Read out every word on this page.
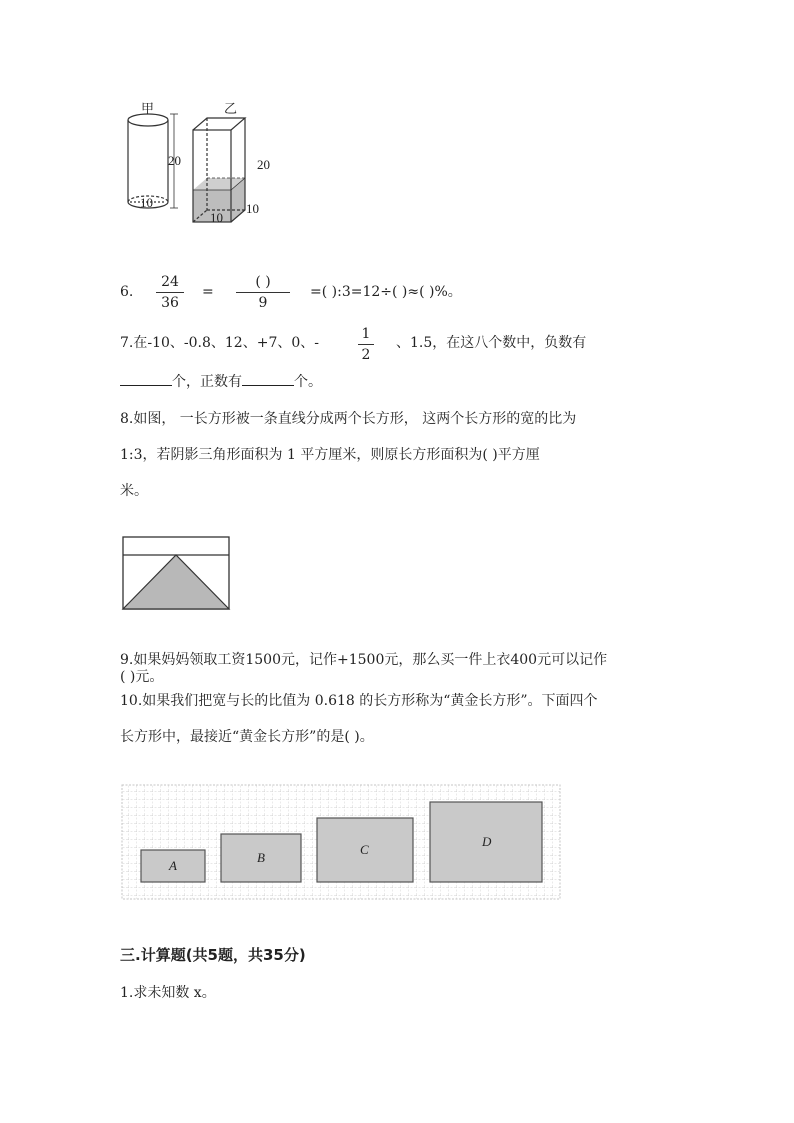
甲	乙
20
10
20
10
10
6.
24
36
=
( )
9
=( ):3=12÷( )≈( )%。
7.在-10、-0.8、12、+7、0、-
1
2
、1.5，在这八个数中，负数有
个，正数有	个。
8.如图， 一长方形被一条直线分成两个长方形， 这两个长方形的宽的比为
1:3，若阴影三角形面积为 1 平方厘米，则原长方形面积为( )平方厘
米。
9.如果妈妈领取工资1500元，记作+1500元，那么买一件上衣400元可以记作
( )元。
10.如果我们把宽与长的比值为 0.618 的长方形称为“黄金长方形”。下面四个
长方形中，最接近“黄金长方形”的是( )。
A
B
C
D
三.计算题(共5题，共35分)
1.求未知数 x。
